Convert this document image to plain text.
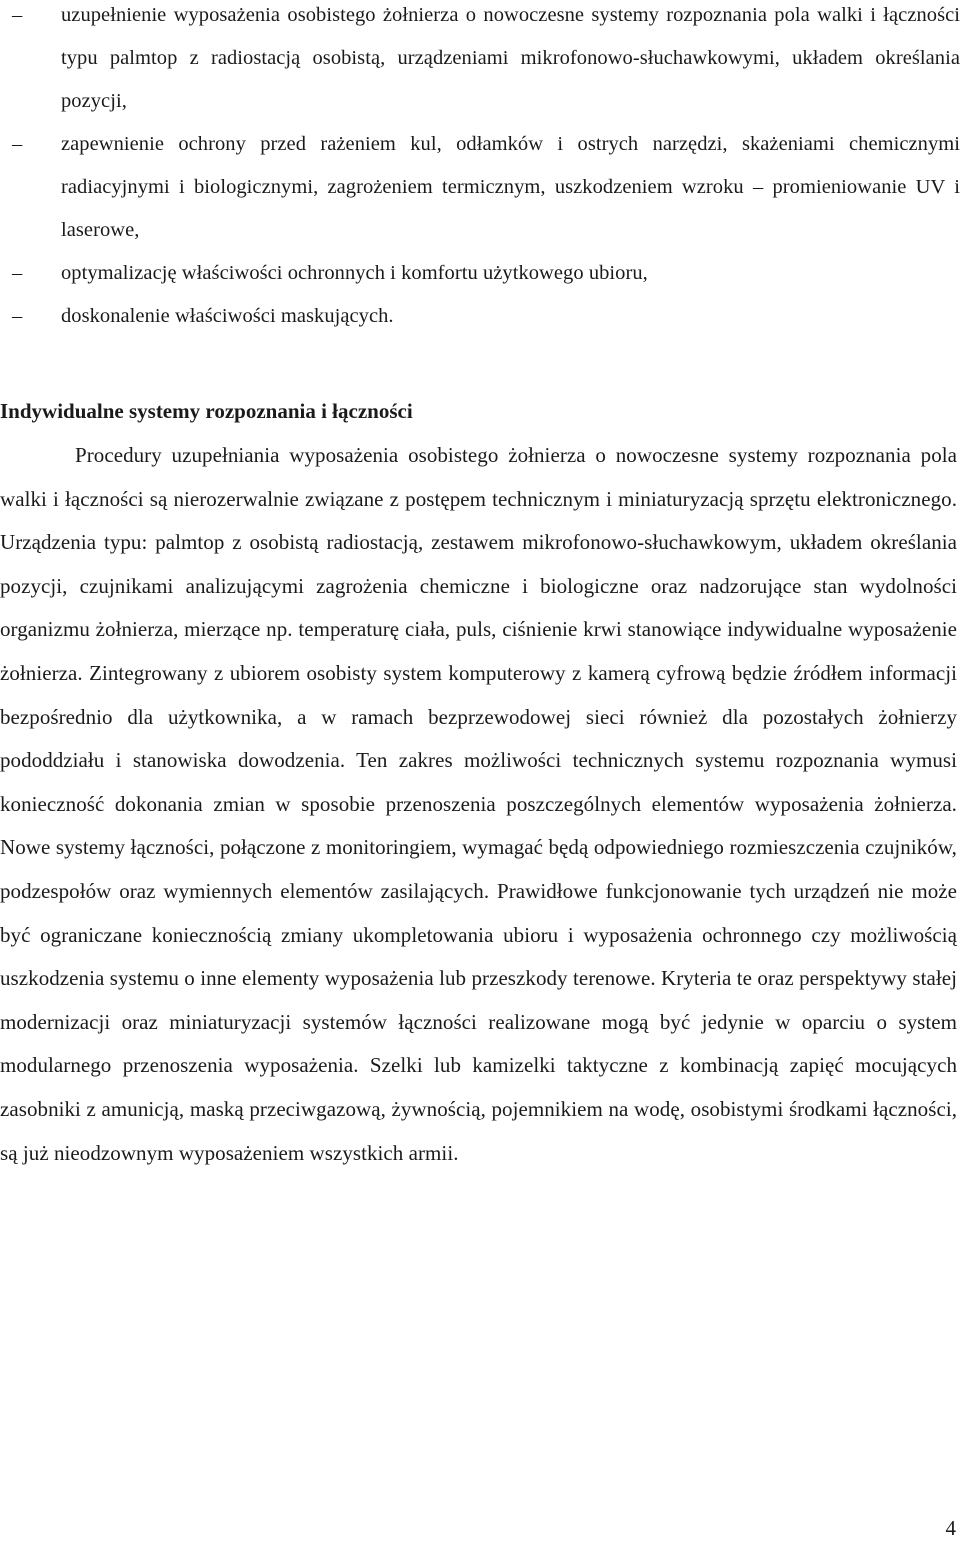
–	uzupełnienie wyposażenia osobistego żołnierza o nowoczesne systemy rozpoznania pola walki i łączności typu palmtop z radiostacją osobistą, urządzeniami mikrofonowo-słuchawkowymi, układem określania pozycji,
–	zapewnienie ochrony przed rażeniem kul, odłamków i ostrych narzędzi, skażeniami chemicznymi radiacyjnymi i biologicznymi, zagrożeniem termicznym, uszkodzeniem wzroku – promieniowanie UV i laserowe,
–	optymalizację właściwości ochronnych i komfortu użytkowego ubioru,
–	doskonalenie właściwości maskujących.
Indywidualne systemy rozpoznania i łączności

Procedury uzupełniania wyposażenia osobistego żołnierza o nowoczesne systemy rozpoznania pola walki i łączności są nierozerwalnie związane z postępem technicznym i miniaturyzacją sprzętu elektronicznego. Urządzenia typu: palmtop z osobistą radiostacją, zestawem mikrofonowo-słuchawkowym, układem określania pozycji, czujnikami analizującymi zagrożenia chemiczne i biologiczne oraz nadzorujące stan wydolności organizmu żołnierza, mierzące np. temperaturę ciała, puls, ciśnienie krwi stanowiące indywidualne wyposażenie żołnierza. Zintegrowany z ubiorem osobisty system komputerowy z kamerą cyfrową będzie źródłem informacji bezpośrednio dla użytkownika, a w ramach bezprzewodowej sieci również dla pozostałych żołnierzy pododdziału i stanowiska dowodzenia. Ten zakres możliwości technicznych systemu rozpoznania wymusi konieczność dokonania zmian w sposobie przenoszenia poszczególnych elementów wyposażenia żołnierza. Nowe systemy łączności, połączone z monitoringiem, wymagać będą odpowiedniego rozmieszczenia czujników, podzespołów oraz wymiennych elementów zasilających. Prawidłowe funkcjonowanie tych urządzeń nie może być ograniczane koniecznością zmiany ukompletowania ubioru i wyposażenia ochronnego czy możliwością uszkodzenia systemu o inne elementy wyposażenia lub przeszkody terenowe. Kryteria te oraz perspektywy stałej modernizacji oraz miniaturyzacji systemów łączności realizowane mogą być jedynie w oparciu o system modularnego przenoszenia wyposażenia. Szelki lub kamizelki taktyczne z kombinacją zapięć mocujących zasobniki z amunicją, maską przeciwgazową, żywnością, pojemnikiem na wodę, osobistymi środkami łączności, są już nieodzownym wyposażeniem wszystkich armii.

4
